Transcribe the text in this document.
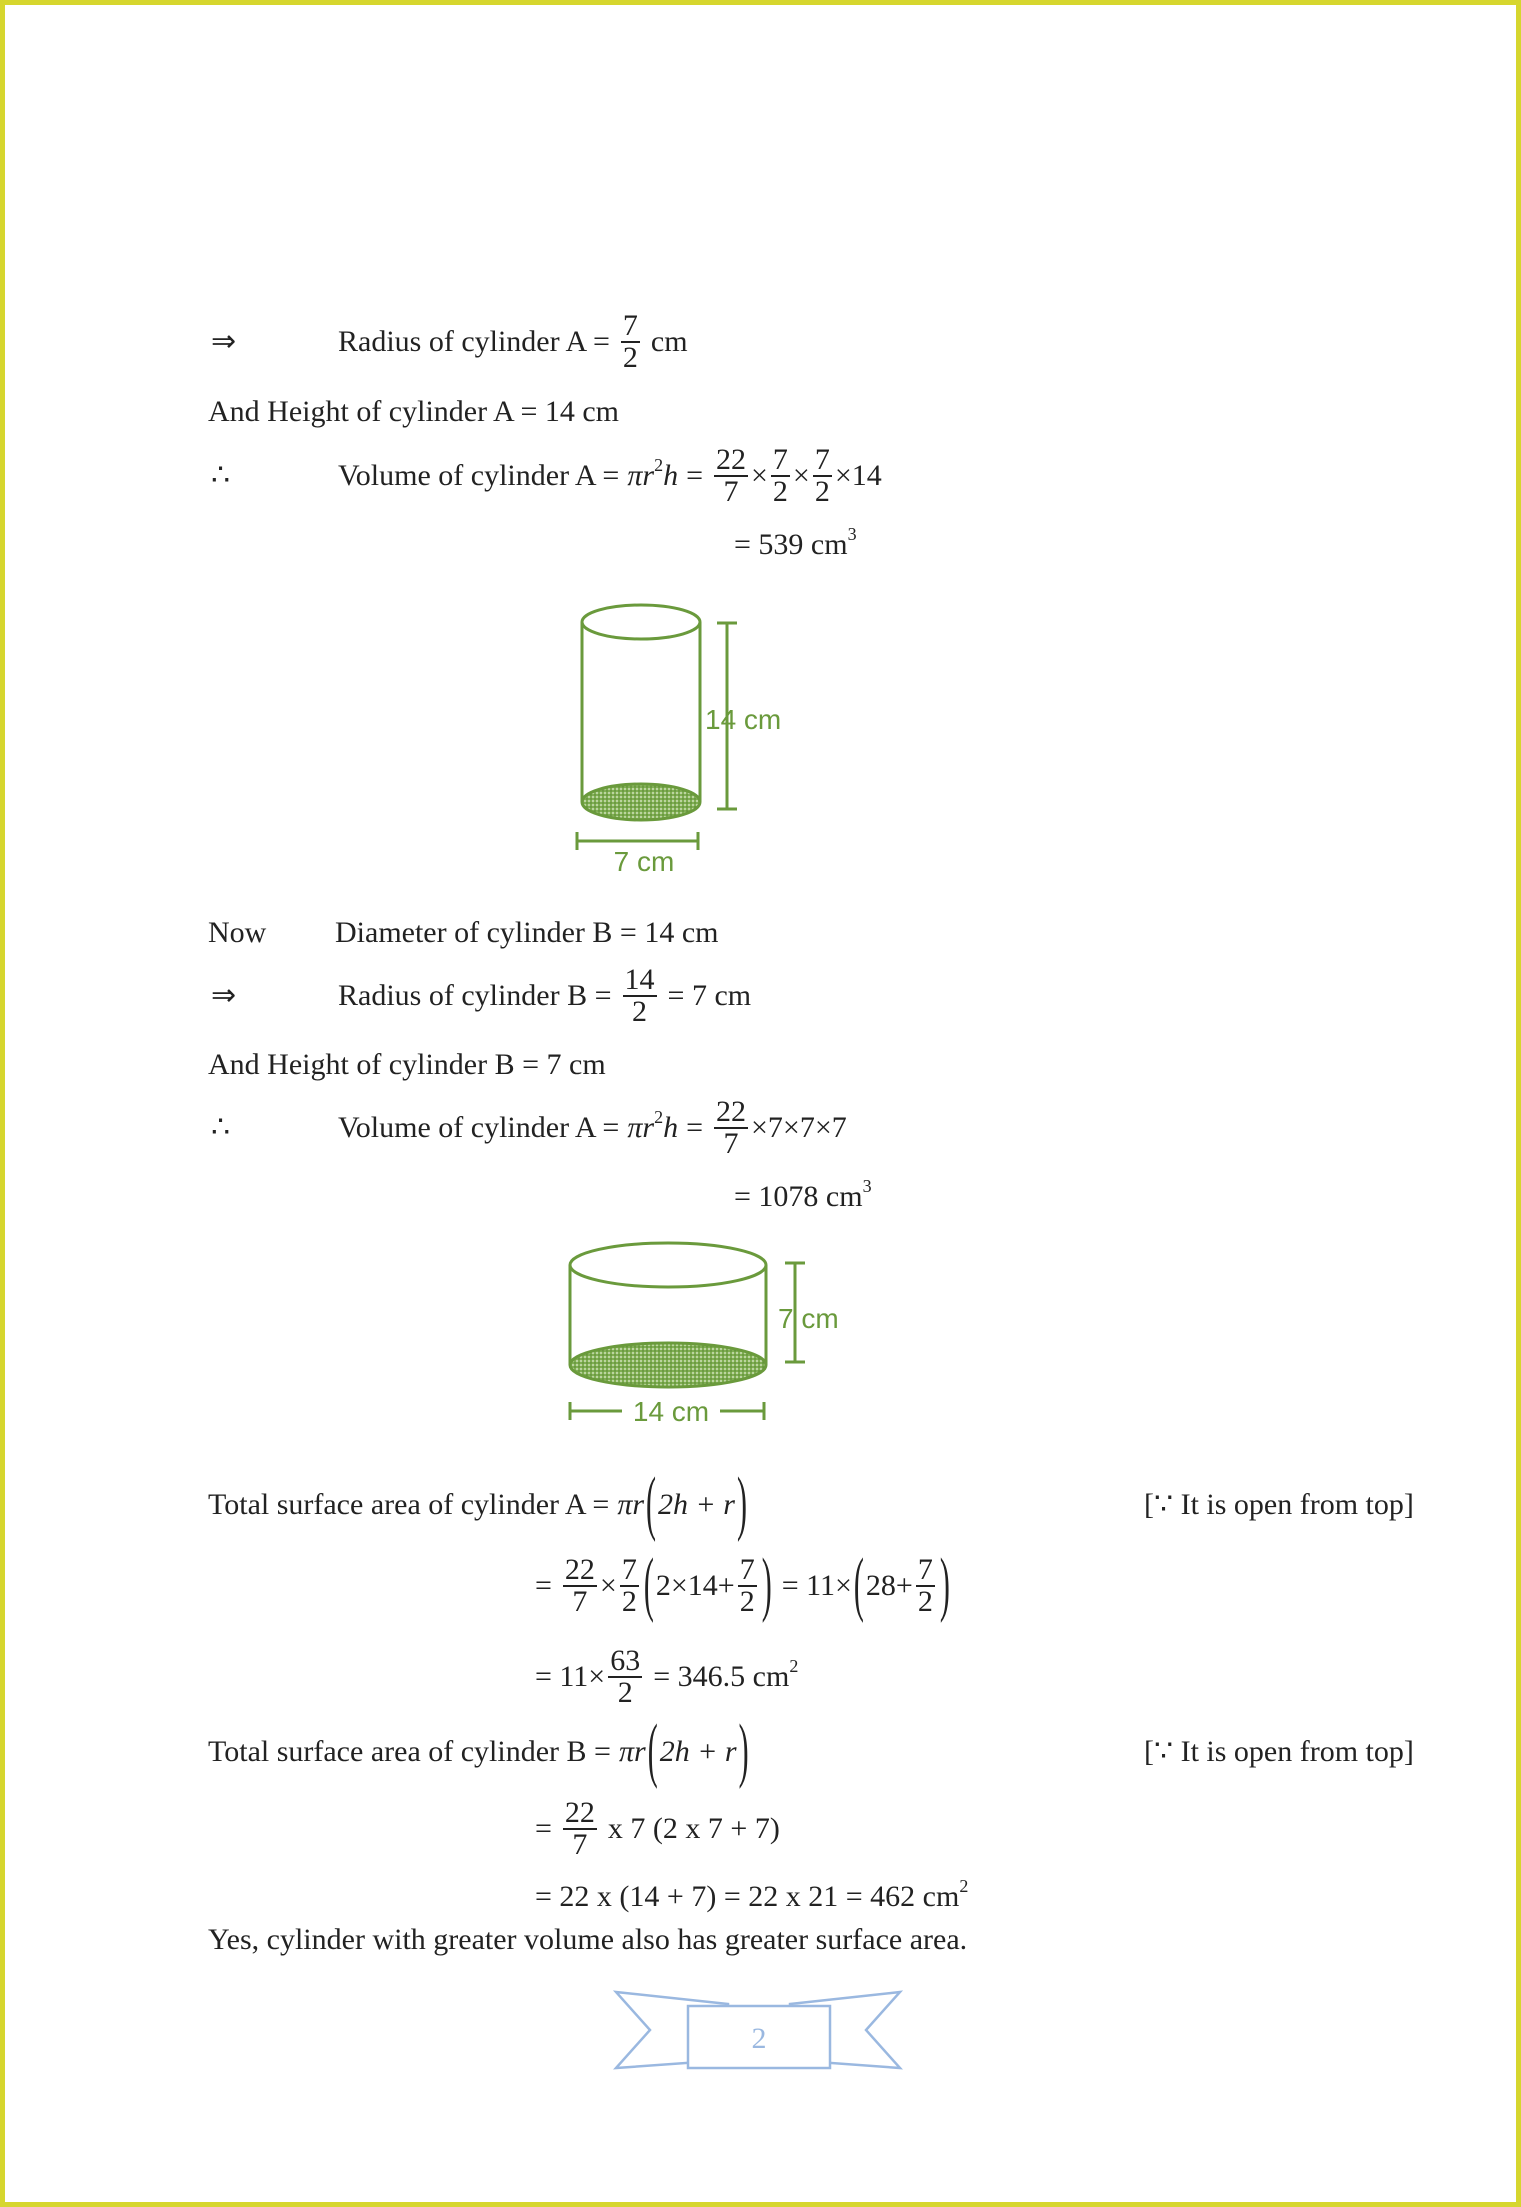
⇒	Radius of cylinder $A = \frac{7}{2}$ cm
And Height of cylinder A = 14 cm
∴	Volume of cylinder A = π r 2 $h = \frac{22}{7} \times \frac{7}{2} \times \frac{7}{2} \times 14$
= 539 cm 3
14 cm
7 cm
7 cm
14 cm
2
Now	Diameter of cylinder B = 14 cm
⇒	Radius of cylinder $B = \frac{14}{2} = 7$ cm
And Height of cylinder B = 7 cm
∴	Volume of cylinder A = π r 2 $h = \frac{22}{7} \times 7\times 7\times 7$
= 1078 cm 3
Total surface area of cylinder A = πr ( 2h + r )	[∵ It is open from top]
= $\frac{22}{7} \times \frac{7}{2}$ ( $2\times 14+ \frac{7}{2}$ ) = 11× ( $28+ \frac{7}{2}$ )
= $11\times \frac{63}{2} = 346.5$ cm 2
Total surface area of cylinder B = πr ( 2h + r )	[∵ It is open from top]
= $\frac{22}{7}$ x 7 (2 x 7 + 7)
= 22 x (14 + 7) = 22 x 21 = 462 cm 2
Yes, cylinder with greater volume also has greater surface area.
